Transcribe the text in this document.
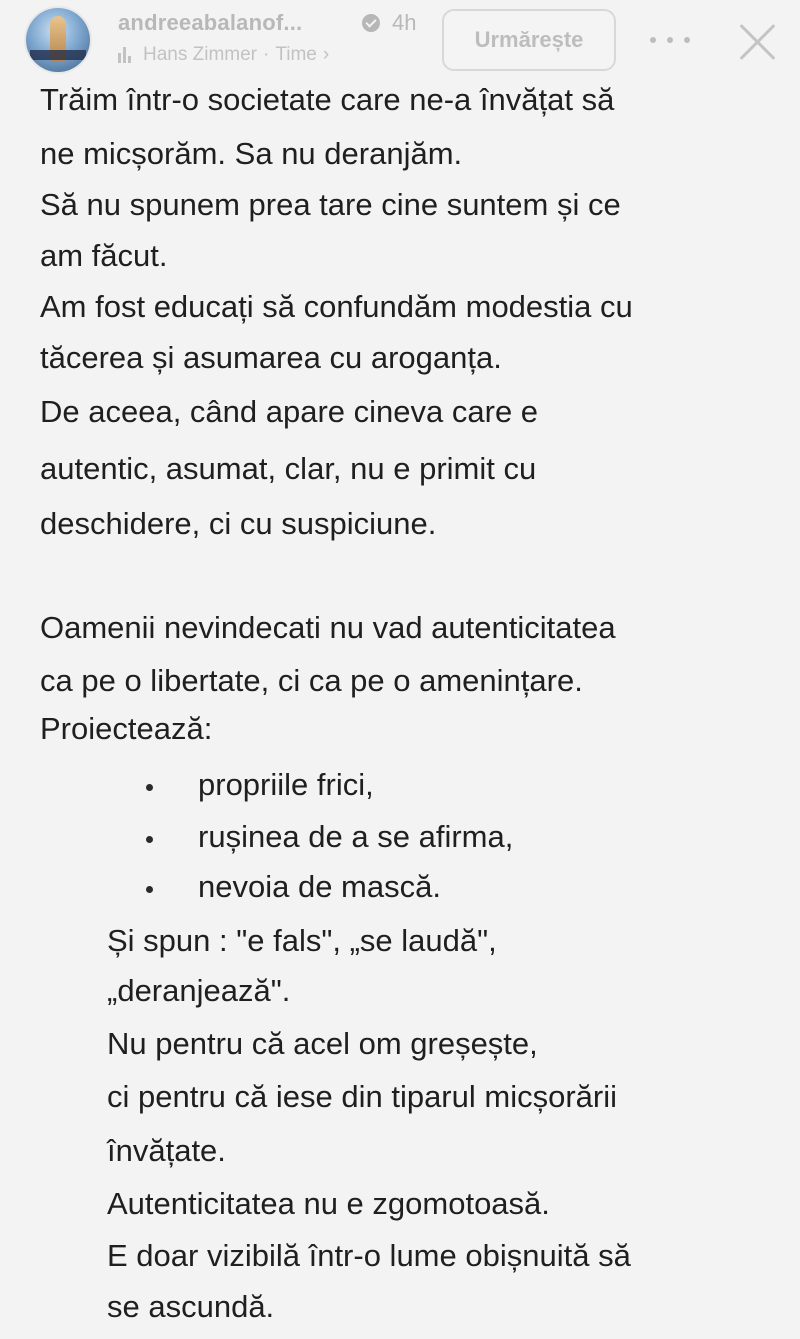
andreeabalanof...	4h
Hans Zimmer · Time ›
Urmărește
Trăim într-o societate care ne-a învățat să
ne micșorăm. Sa nu deranjăm.
Să nu spunem prea tare cine suntem și ce
am făcut.
Am fost educați să confundăm modestia cu
tăcerea și asumarea cu aroganța.
De aceea, când apare cineva care e
autentic, asumat, clar, nu e primit cu
deschidere, ci cu suspiciune.
Oamenii nevindecati nu vad autenticitatea
ca pe o libertate, ci ca pe o amenințare.
Proiectează:
propriile frici,
rușinea de a se afirma,
nevoia de mască.
Și spun : "e fals", „se laudă",
„deranjează".
Nu pentru că acel om greșește,
ci pentru că iese din tiparul micșorării
învățate.
Autenticitatea nu e zgomotoasă.
E doar vizibilă într-o lume obișnuită să
se ascundă.
